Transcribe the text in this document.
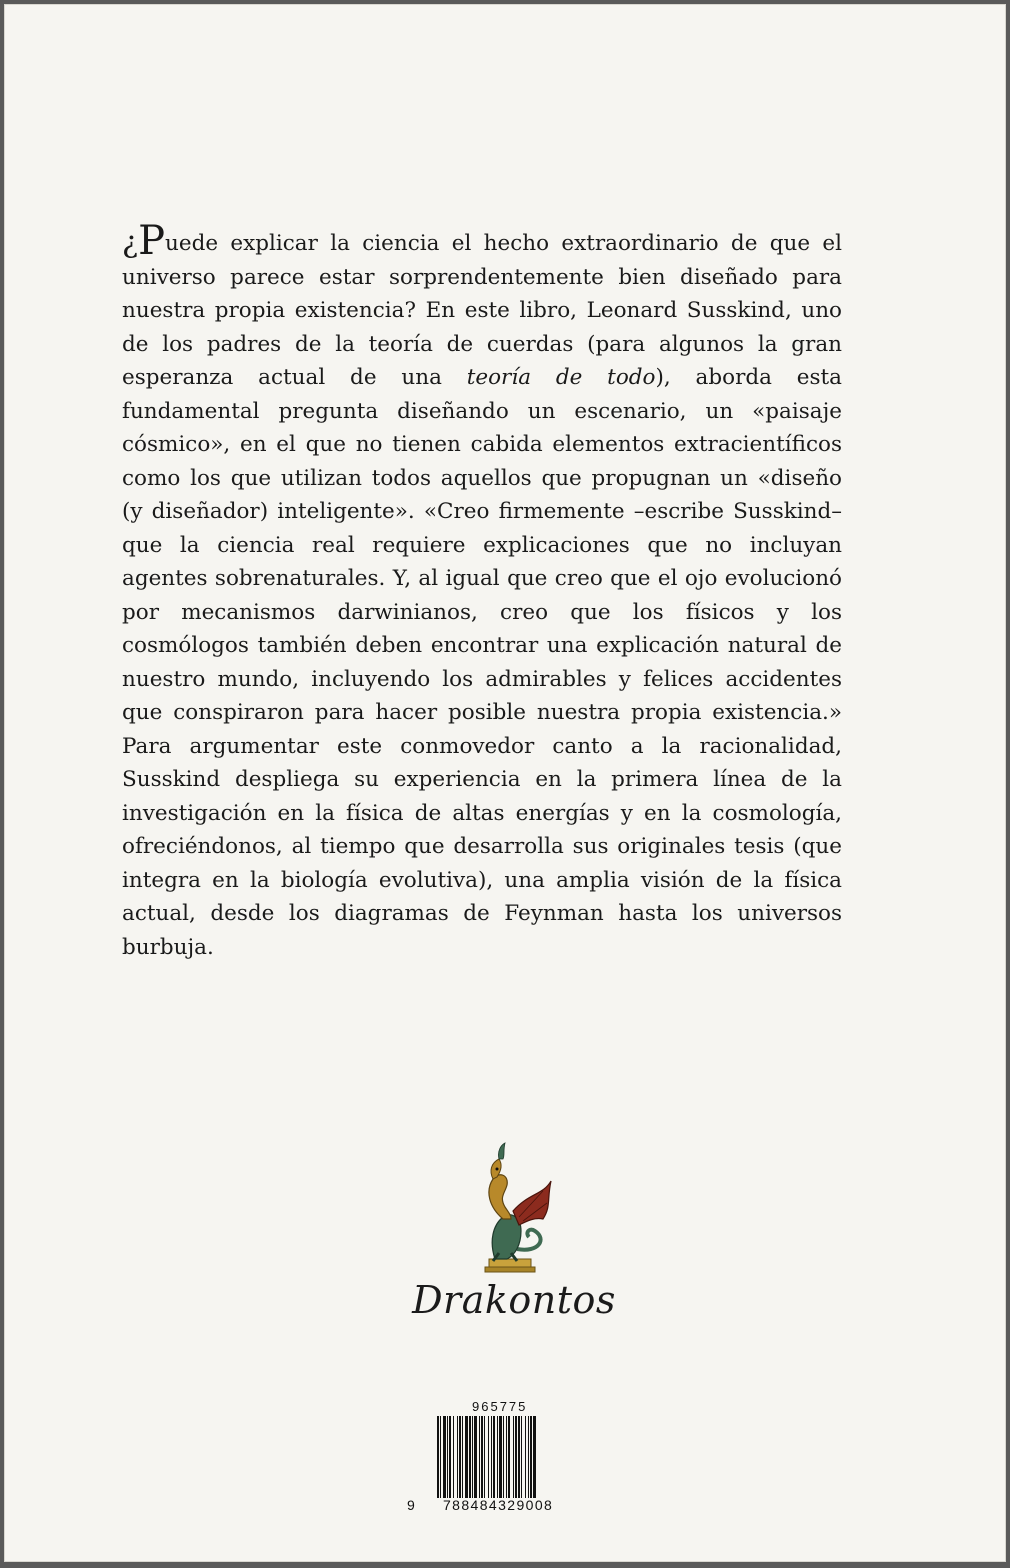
¿Puede explicar la ciencia el hecho extraordinario de que el universo parece estar sorprendentemente bien diseñado para nuestra propia existencia? En este libro, Leonard Susskind, uno de los padres de la teoría de cuerdas (para algunos la gran esperanza actual de una teoría de todo), aborda esta fundamental pregunta diseñando un escenario, un «paisaje cósmico», en el que no tienen cabida elementos extracientíficos como los que utilizan todos aquellos que propugnan un «diseño (y diseñador) inteligente». «Creo firmemente –escribe Susskind– que la ciencia real requiere explicaciones que no incluyan agentes sobrenaturales. Y, al igual que creo que el ojo evolucionó por mecanismos darwinianos, creo que los físicos y los cosmólogos también deben encontrar una explicación natural de nuestro mundo, incluyendo los admirables y felices accidentes que conspiraron para hacer posible nuestra propia existencia.» Para argumentar este conmovedor canto a la racionalidad, Susskind despliega su experiencia en la primera línea de la investigación en la física de altas energías y en la cosmología, ofreciéndonos, al tiempo que desarrolla sus originales tesis (que integra en la biología evolutiva), una amplia visión de la física actual, desde los diagramas de Feynman hasta los universos burbuja.

Drakontos
965775
9 788484329008
